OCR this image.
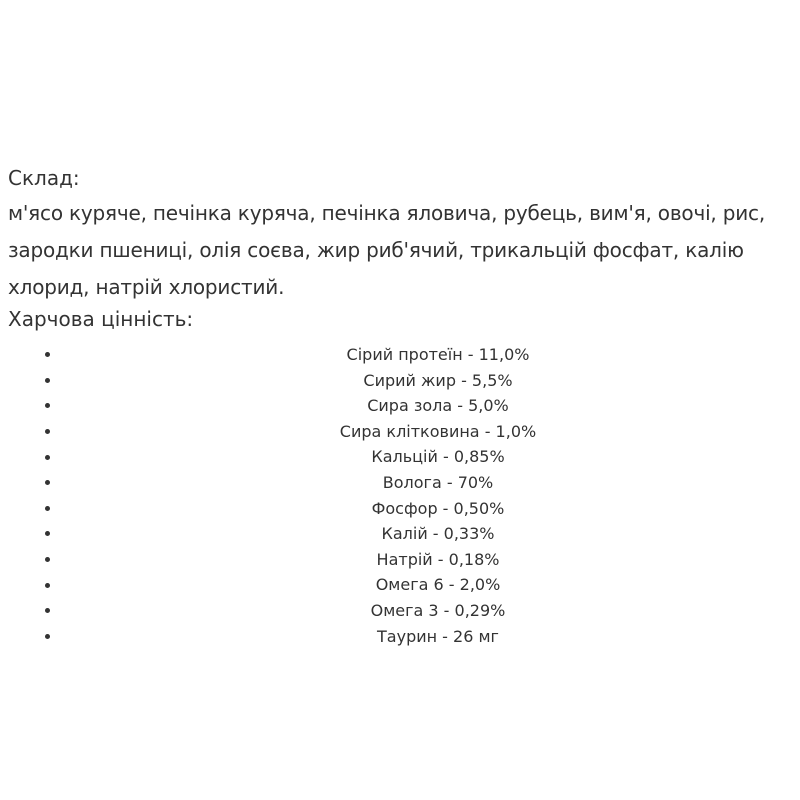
Склад:

м'ясо куряче, печінка куряча, печінка яловича, рубець, вим'я, овочі, рис, зародки пшениці, олія соєва, жир риб'ячий, трикальцій фосфат, калію хлорид, натрій хлористий.

Харчова цінність:
Сірий протеїн - 11,0%
Сирий жир - 5,5%
Сира зола - 5,0%
Сира клітковина - 1,0%
Кальцій - 0,85%
Волога - 70%
Фосфор - 0,50%
Калій - 0,33%
Натрій - 0,18%
Омега 6 - 2,0%
Омега 3 - 0,29%
Таурин - 26 мг
